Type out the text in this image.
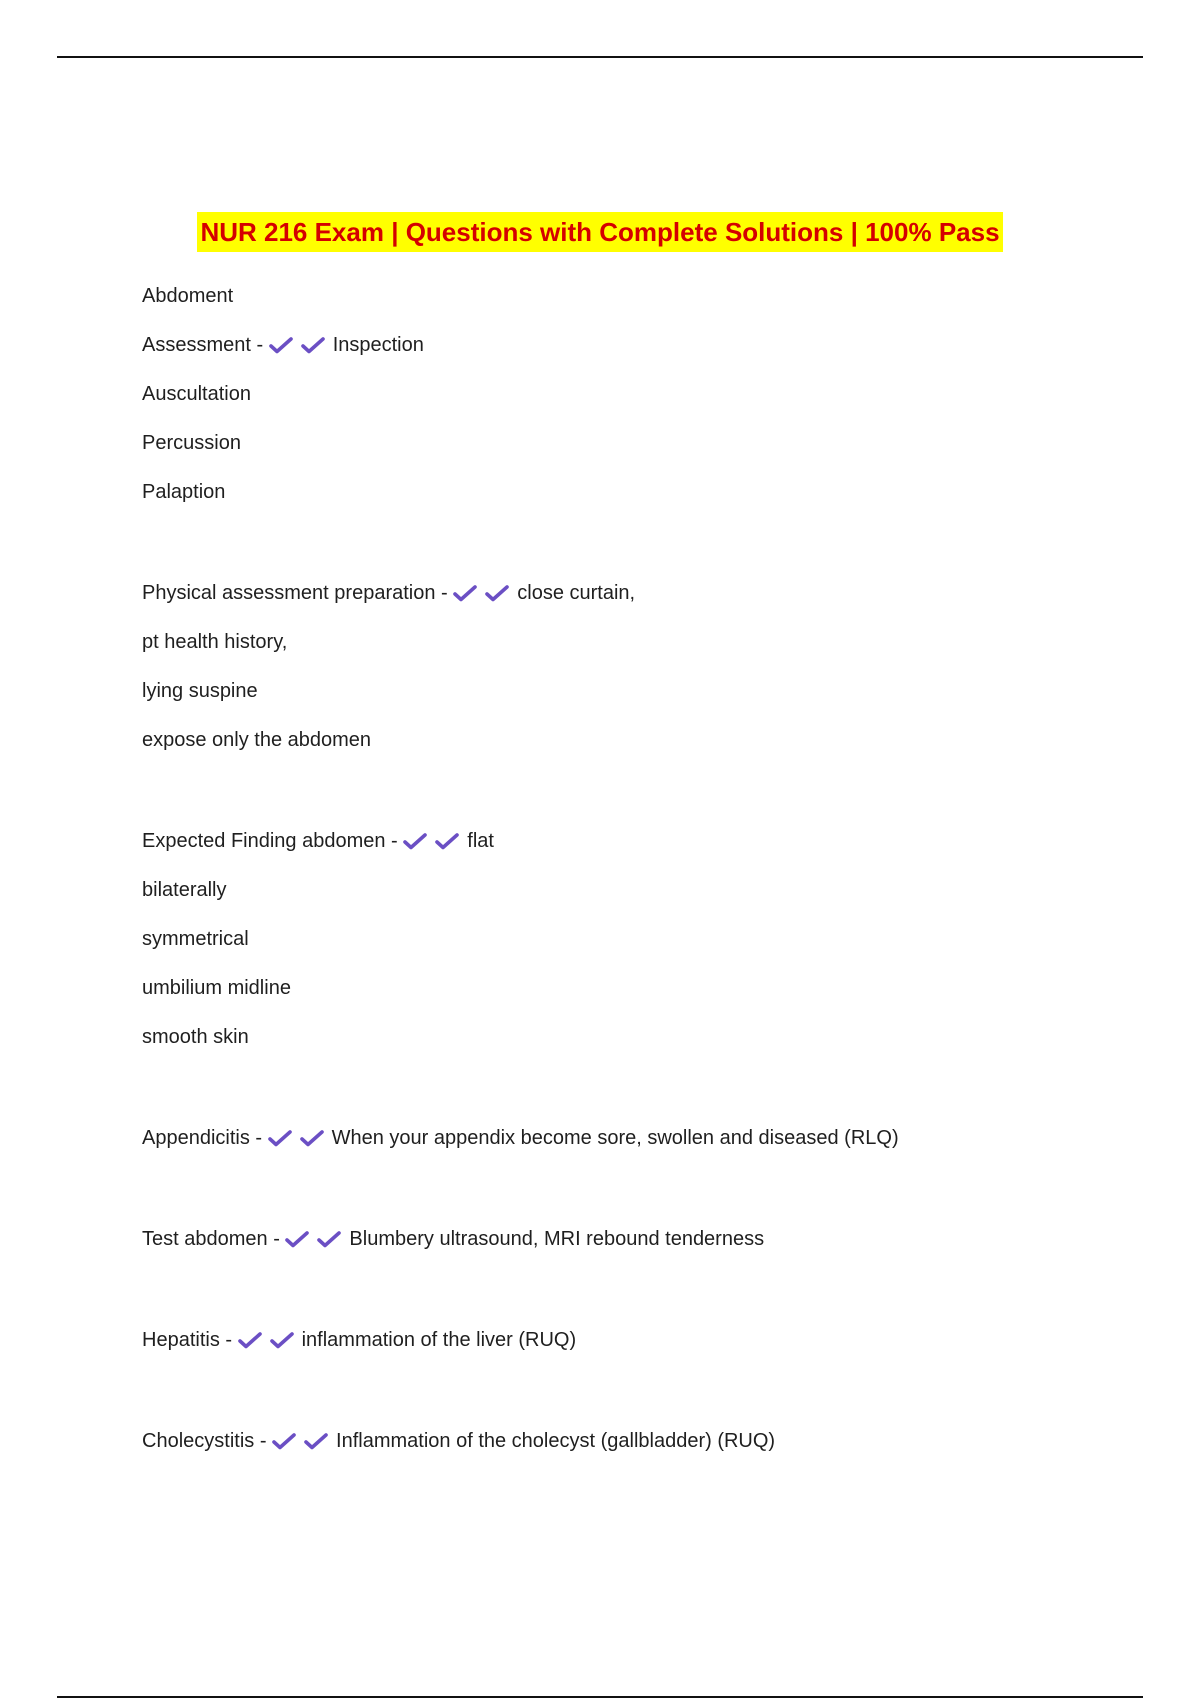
NUR 216 Exam | Questions with Complete Solutions | 100% Pass
Abdoment
Assessment -	Inspection
Auscultation
Percussion
Palaption
Physical assessment preparation -	close curtain,
pt health history,
lying suspine
expose only the abdomen
Expected Finding abdomen -	flat
bilaterally
symmetrical
umbilium midline
smooth skin
Appendicitis -	When your appendix become sore, swollen and diseased (RLQ)
Test abdomen -	Blumbery ultrasound, MRI rebound tenderness
Hepatitis -	inflammation of the liver (RUQ)
Cholecystitis -	Inflammation of the cholecyst (gallbladder) (RUQ)
